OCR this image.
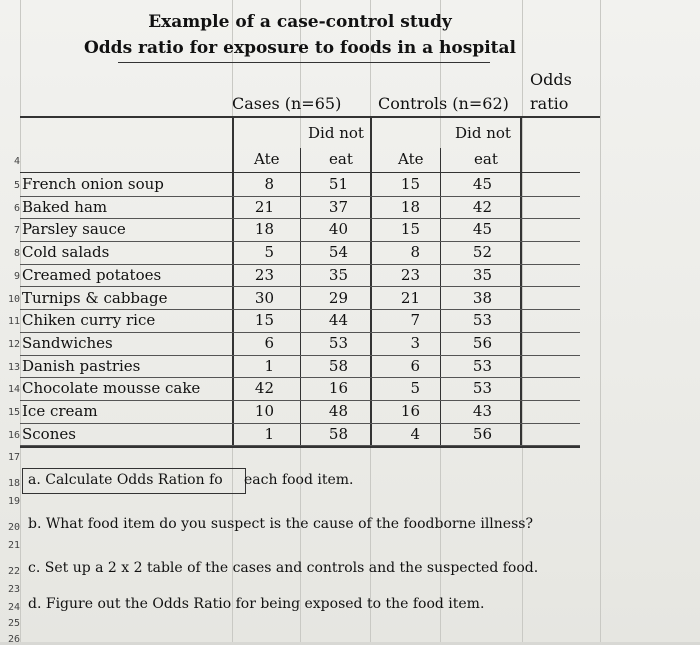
Example of a case-control study
Odds ratio for exposure to foods in a hospital
Odds
ratio
Cases (n=65) Controls (n=62)
Did not	Did not
4	Ate	eat	Ate	eat
5 French onion soup	8	51	15	45
6 Baked ham	21	37	18	42
7 Parsley sauce	18	40	15	45
8 Cold salads	5	54	8	52
9 Creamed potatoes	23	35	23	35
10 Turnips & cabbage	30	29	21	38
11 Chiken curry rice	15	44	7	53
12 Sandwiches	6	53	3	56
13 Danish pastries	1	58	6	53
14 Chocolate mousse cake	42	16	5	53
15 Ice cream	10	48	16	43
16 Scones	1	58	4	56
17
19
21
23
25
26
18 a. Calculate Odds Ration fo each food item.
20 b. What food item do you suspect is the cause of the foodborne illness?
22 c. Set up a 2 x 2 table of the cases and controls and the suspected food.
24 d. Figure out the Odds Ratio for being exposed to the food item.
